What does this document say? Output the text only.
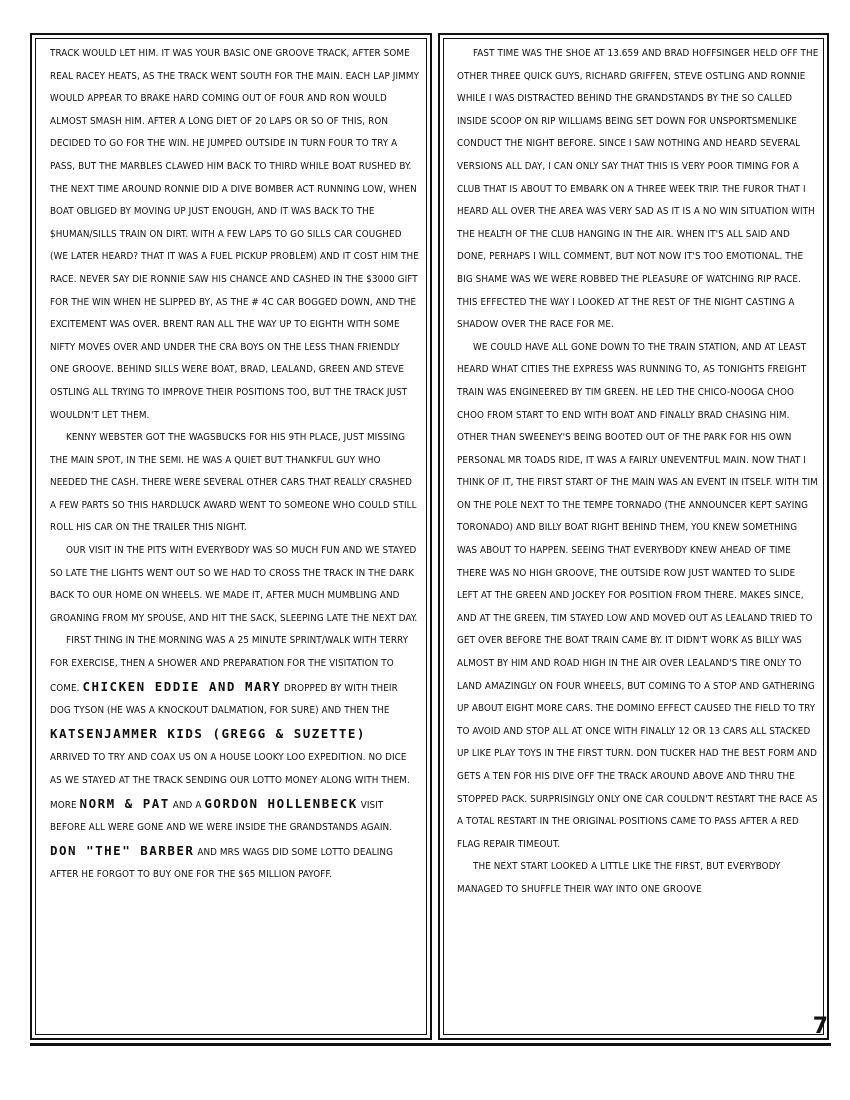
TRACK WOULD LET HIM. IT WAS YOUR BASIC ONE GROOVE TRACK, AFTER SOME REAL RACEY HEATS, AS THE TRACK WENT SOUTH FOR THE MAIN. EACH LAP JIMMY WOULD APPEAR TO BRAKE HARD COMING OUT OF FOUR AND RON WOULD ALMOST SMASH HIM. AFTER A LONG DIET OF 20 LAPS OR SO OF THIS, RON DECIDED TO GO FOR THE WIN. HE JUMPED OUTSIDE IN TURN FOUR TO TRY A PASS, BUT THE MARBLES CLAWED HIM BACK TO THIRD WHILE BOAT RUSHED BY. THE NEXT TIME AROUND RONNIE DID A DIVE BOMBER ACT RUNNING LOW, WHEN BOAT OBLIGED BY MOVING UP JUST ENOUGH, AND IT WAS BACK TO THE $HUMAN/SILLS TRAIN ON DIRT. WITH A FEW LAPS TO GO SILLS CAR COUGHED (WE LATER HEARD? THAT IT WAS A FUEL PICKUP PROBLEM) AND IT COST HIM THE RACE. NEVER SAY DIE RONNIE SAW HIS CHANCE AND CASHED IN THE $3000 GIFT FOR THE WIN WHEN HE SLIPPED BY, AS THE # 4C CAR BOGGED DOWN, AND THE EXCITEMENT WAS OVER. BRENT RAN ALL THE WAY UP TO EIGHTH WITH SOME NIFTY MOVES OVER AND UNDER THE CRA BOYS ON THE LESS THAN FRIENDLY ONE GROOVE. BEHIND SILLS WERE BOAT, BRAD, LEALAND, GREEN AND STEVE OSTLING ALL TRYING TO IMPROVE THEIR POSITIONS TOO, BUT THE TRACK JUST WOULDN'T LET THEM.

KENNY WEBSTER GOT THE WAGSBUCKS FOR HIS 9TH PLACE, JUST MISSING THE MAIN SPOT, IN THE SEMI. HE WAS A QUIET BUT THANKFUL GUY WHO NEEDED THE CASH. THERE WERE SEVERAL OTHER CARS THAT REALLY CRASHED A FEW PARTS SO THIS HARDLUCK AWARD WENT TO SOMEONE WHO COULD STILL ROLL HIS CAR ON THE TRAILER THIS NIGHT.

OUR VISIT IN THE PITS WITH EVERYBODY WAS SO MUCH FUN AND WE STAYED SO LATE THE LIGHTS WENT OUT SO WE HAD TO CROSS THE TRACK IN THE DARK BACK TO OUR HOME ON WHEELS. WE MADE IT, AFTER MUCH MUMBLING AND GROANING FROM MY SPOUSE, AND HIT THE SACK, SLEEPING LATE THE NEXT DAY.

FIRST THING IN THE MORNING WAS A 25 MINUTE SPRINT/WALK WITH TERRY FOR EXERCISE, THEN A SHOWER AND PREPARATION FOR THE VISITATION TO COME. CHICKEN EDDIE AND MARY DROPPED BY WITH THEIR DOG TYSON (HE WAS A KNOCKOUT DALMATION, FOR SURE) AND THEN THE
KATSENJAMMER KIDS (GREGG & SUZETTE)
ARRIVED TO TRY AND COAX US ON A HOUSE LOOKY LOO EXPEDITION. NO DICE AS WE STAYED AT THE TRACK SENDING OUR LOTTO MONEY ALONG WITH THEM. MORE NORM & PAT AND A GORDON HOLLENBECK VISIT BEFORE ALL WERE GONE AND WE WERE INSIDE THE GRANDSTANDS AGAIN. DON "THE" BARBER AND MRS WAGS DID SOME LOTTO DEALING AFTER HE FORGOT TO BUY ONE FOR THE $65 MILLION PAYOFF.

FAST TIME WAS THE SHOE AT 13.659 AND BRAD HOFFSINGER HELD OFF THE OTHER THREE QUICK GUYS, RICHARD GRIFFEN, STEVE OSTLING AND RONNIE WHILE I WAS DISTRACTED BEHIND THE GRANDSTANDS BY THE SO CALLED INSIDE SCOOP ON RIP WILLIAMS BEING SET DOWN FOR UNSPORTSMENLIKE CONDUCT THE NIGHT BEFORE. SINCE I SAW NOTHING AND HEARD SEVERAL VERSIONS ALL DAY, I CAN ONLY SAY THAT THIS IS VERY POOR TIMING FOR A CLUB THAT IS ABOUT TO EMBARK ON A THREE WEEK TRIP. THE FUROR THAT I HEARD ALL OVER THE AREA WAS VERY SAD AS IT IS A NO WIN SITUATION WITH THE HEALTH OF THE CLUB HANGING IN THE AIR. WHEN IT'S ALL SAID AND DONE, PERHAPS I WILL COMMENT, BUT NOT NOW IT'S TOO EMOTIONAL. THE BIG SHAME WAS WE WERE ROBBED THE PLEASURE OF WATCHING RIP RACE. THIS EFFECTED THE WAY I LOOKED AT THE REST OF THE NIGHT CASTING A SHADOW OVER THE RACE FOR ME.

WE COULD HAVE ALL GONE DOWN TO THE TRAIN STATION, AND AT LEAST HEARD WHAT CITIES THE EXPRESS WAS RUNNING TO, AS TONIGHTS FREIGHT TRAIN WAS ENGINEERED BY TIM GREEN. HE LED THE CHICO-NOOGA CHOO CHOO FROM START TO END WITH BOAT AND FINALLY BRAD CHASING HIM. OTHER THAN SWEENEY'S BEING BOOTED OUT OF THE PARK FOR HIS OWN PERSONAL MR TOADS RIDE, IT WAS A FAIRLY UNEVENTFUL MAIN. NOW THAT I THINK OF IT, THE FIRST START OF THE MAIN WAS AN EVENT IN ITSELF. WITH TIM ON THE POLE NEXT TO THE TEMPE TORNADO (THE ANNOUNCER KEPT SAYING TORONADO) AND BILLY BOAT RIGHT BEHIND THEM, YOU KNEW SOMETHING WAS ABOUT TO HAPPEN. SEEING THAT EVERYBODY KNEW AHEAD OF TIME THERE WAS NO HIGH GROOVE, THE OUTSIDE ROW JUST WANTED TO SLIDE LEFT AT THE GREEN AND JOCKEY FOR POSITION FROM THERE. MAKES SINCE, AND AT THE GREEN, TIM STAYED LOW AND MOVED OUT AS LEALAND TRIED TO GET OVER BEFORE THE BOAT TRAIN CAME BY. IT DIDN'T WORK AS BILLY WAS ALMOST BY HIM AND ROAD HIGH IN THE AIR OVER LEALAND'S TIRE ONLY TO LAND AMAZINGLY ON FOUR WHEELS, BUT COMING TO A STOP AND GATHERING UP ABOUT EIGHT MORE CARS. THE DOMINO EFFECT CAUSED THE FIELD TO TRY TO AVOID AND STOP ALL AT ONCE WITH FINALLY 12 OR 13 CARS ALL STACKED UP LIKE PLAY TOYS IN THE FIRST TURN. DON TUCKER HAD THE BEST FORM AND GETS A TEN FOR HIS DIVE OFF THE TRACK AROUND ABOVE AND THRU THE STOPPED PACK. SURPRISINGLY ONLY ONE CAR COULDN'T RESTART THE RACE AS A TOTAL RESTART IN THE ORIGINAL POSITIONS CAME TO PASS AFTER A RED FLAG REPAIR TIMEOUT.

THE NEXT START LOOKED A LITTLE LIKE THE FIRST, BUT EVERYBODY MANAGED TO SHUFFLE THEIR WAY INTO ONE GROOVE

7
